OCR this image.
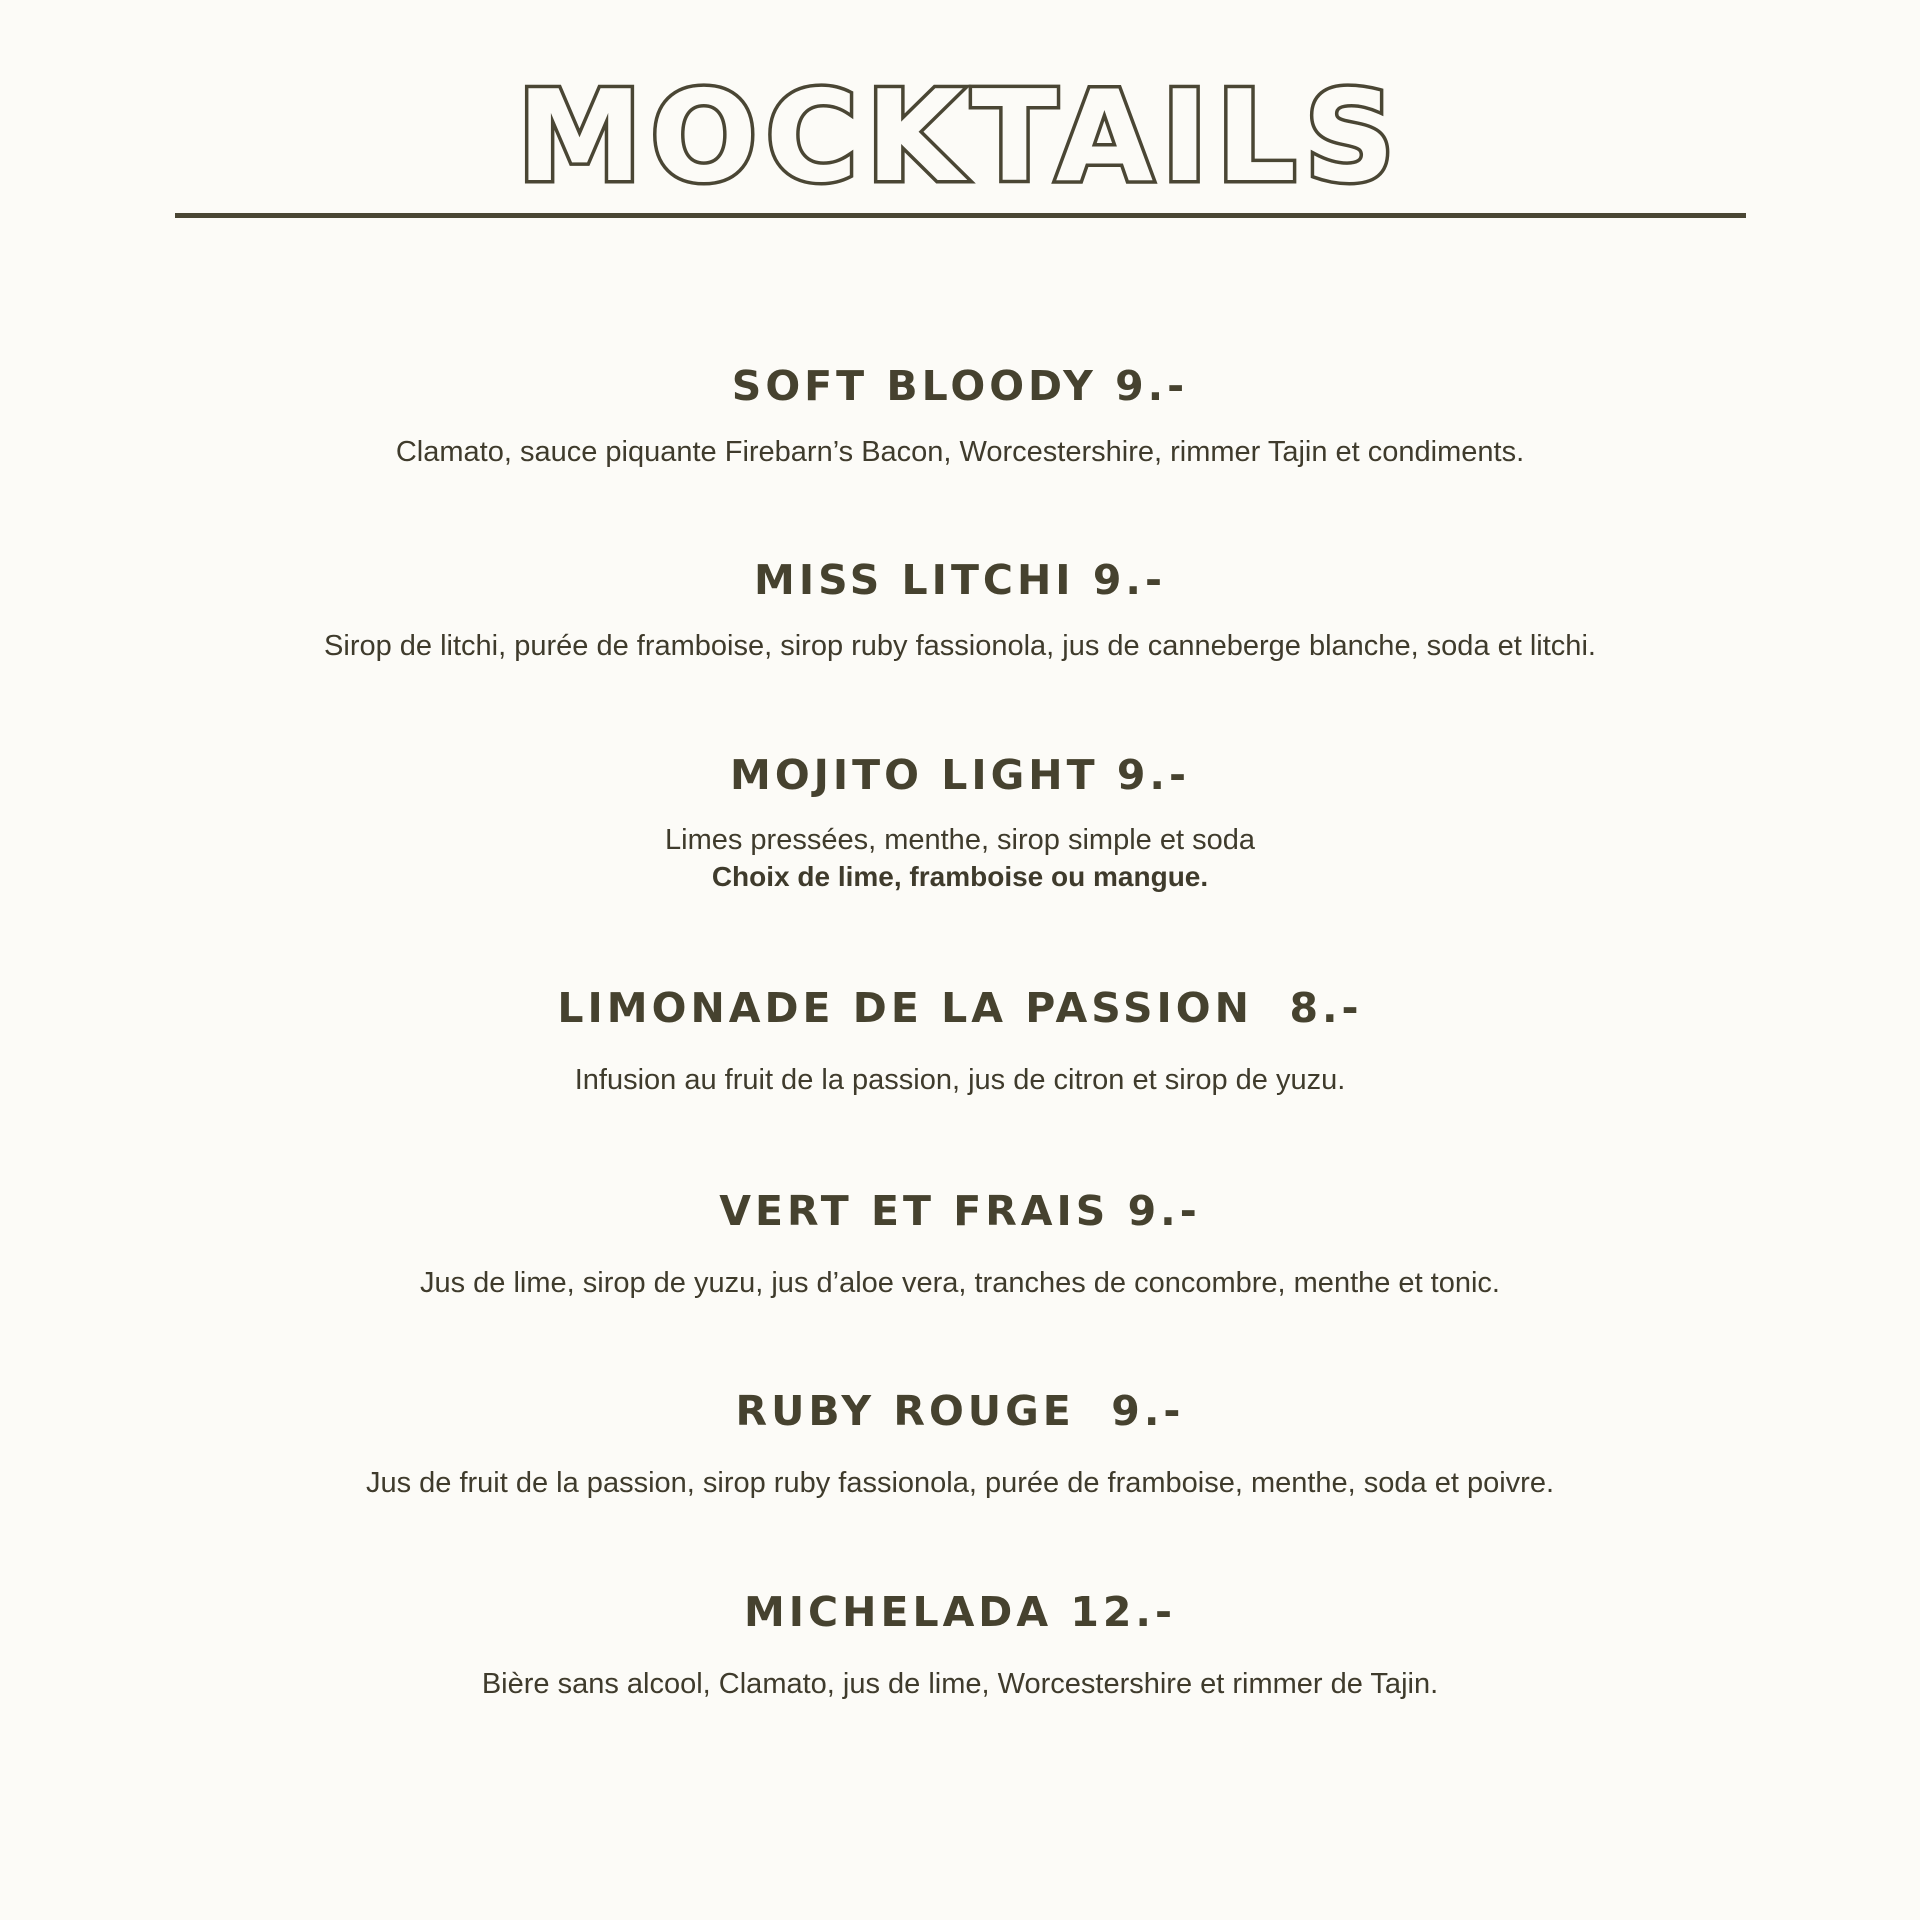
MOCKTAILS
SOFT BLOODY 9.-
Clamato, sauce piquante Firebarn’s Bacon, Worcestershire, rimmer Tajin et condiments.
MISS LITCHI 9.-
Sirop de litchi, purée de framboise, sirop ruby fassionola, jus de canneberge blanche, soda et litchi.
MOJITO LIGHT 9.-
Limes pressées, menthe, sirop simple et soda
Choix de lime, framboise ou mangue.
LIMONADE DE LA PASSION  8.-
Infusion au fruit de la passion, jus de citron et sirop de yuzu.
VERT ET FRAIS 9.-
Jus de lime, sirop de yuzu, jus d’aloe vera, tranches de concombre, menthe et tonic.
RUBY ROUGE  9.-
Jus de fruit de la passion, sirop ruby fassionola, purée de framboise, menthe, soda et poivre.
MICHELADA 12.-
Bière sans alcool, Clamato, jus de lime, Worcestershire et rimmer de Tajin.
